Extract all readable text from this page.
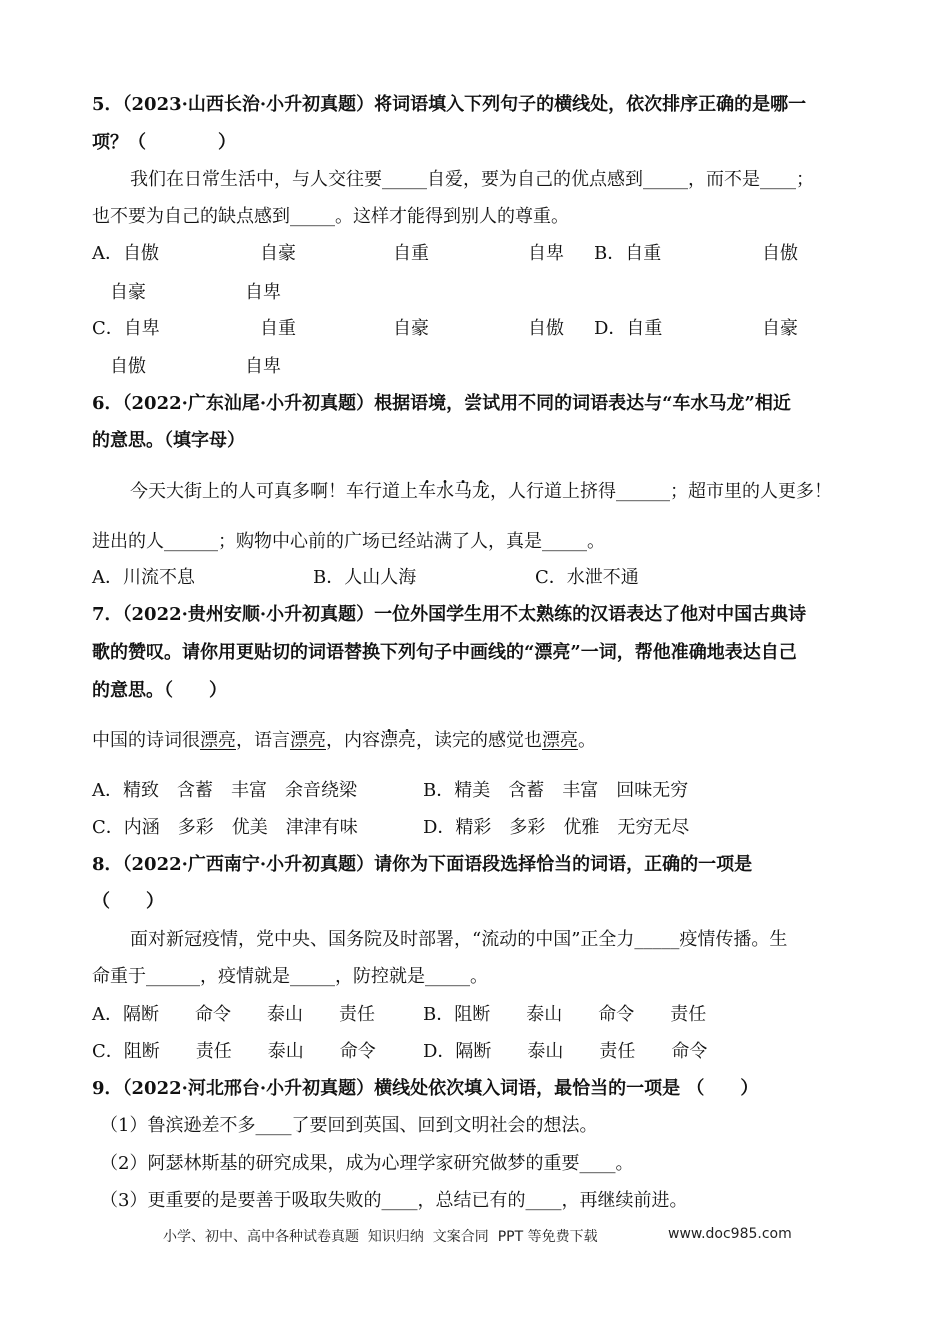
5．（2023·山西长治·小升初真题）将词语填入下列句子的横线处，依次排序正确的是哪一
项？（　　　　）
我们在日常生活中，与人交往要_____自爱，要为自己的优点感到_____，而不是____；
也不要为自己的缺点感到_____。这样才能得到别人的尊重。
A．自傲	自豪	自重	自卑 B．自重	自傲
自豪	自卑
C．自卑	自重	自豪	自傲 D．自重	自豪
自傲	自卑
6．（2022·广东汕尾·小升初真题）根据语境，尝试用不同的词语表达与“车水马龙”相近
的意思。（填字母）
今天大街上的人可真多啊！车行道上车水马龙，人行道上挤得______；超市里的人更多！
进出的人______；购物中心前的广场已经站满了人，真是_____。
A．川流不息	B．人山人海	C．水泄不通
7．（2022·贵州安顺·小升初真题）一位外国学生用不太熟练的汉语表达了他对中国古典诗
歌的赞叹。请你用更贴切的词语替换下列句子中画线的“漂亮”一词，帮他准确地表达自己
的意思。（　　）
中国的诗词很漂亮，语言漂亮，内容漂亮，读完的感觉也漂亮。
A．精致　含蓄　丰富　余音绕梁	B．精美　含蓄　丰富　回味无穷
C．内涵　多彩　优美　津津有味	D．精彩　多彩　优雅　无穷无尽
8．（2022·广西南宁·小升初真题）请你为下面语段选择恰当的词语，正确的一项是
（　　）
面对新冠疫情，党中央、国务院及时部署，“流动的中国”正全力_____疫情传播。生
命重于______，疫情就是_____，防控就是_____。
A．隔断　　命令　　泰山　　责任	B．阻断　　泰山　　命令　　责任
C．阻断　　责任　　泰山　　命令	D．隔断　　泰山　　责任　　命令
9．（2022·河北邢台·小升初真题）横线处依次填入词语，最恰当的一项是 （　　）
（1）鲁滨逊差不多____了要回到英国、回到文明社会的想法。
（2）阿瑟林斯基的研究成果，成为心理学家研究做梦的重要____。
（3）更重要的是要善于吸取失败的____，总结已有的____，再继续前进。
小学、初中、高中各种试卷真题  知识归纳  文案合同  PPT 等免费下载	www.doc985.com
